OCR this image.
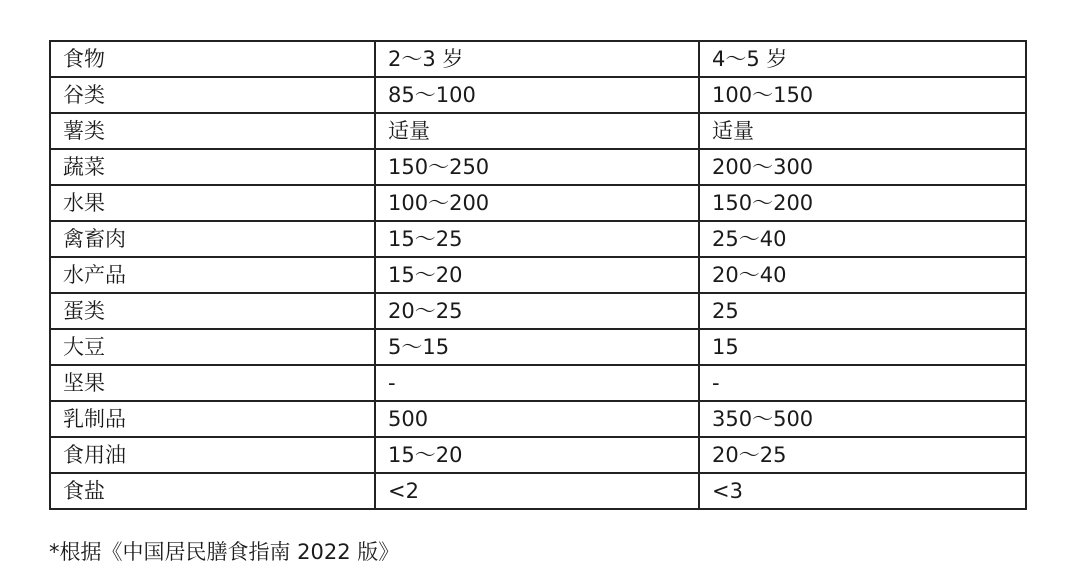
食物	2～3 岁	4～5 岁
谷类	85～100	100～150
薯类	适量	适量
蔬菜	150～250	200～300
水果	100～200	150～200
禽畜肉	15～25	25～40
水产品	15～20	20～40
蛋类	20～25	25
大豆	5～15	15
坚果	-	-
乳制品	500	350～500
食用油	15～20	20～25
食盐	<2	<3
*根据《中国居民膳食指南 2022 版》
